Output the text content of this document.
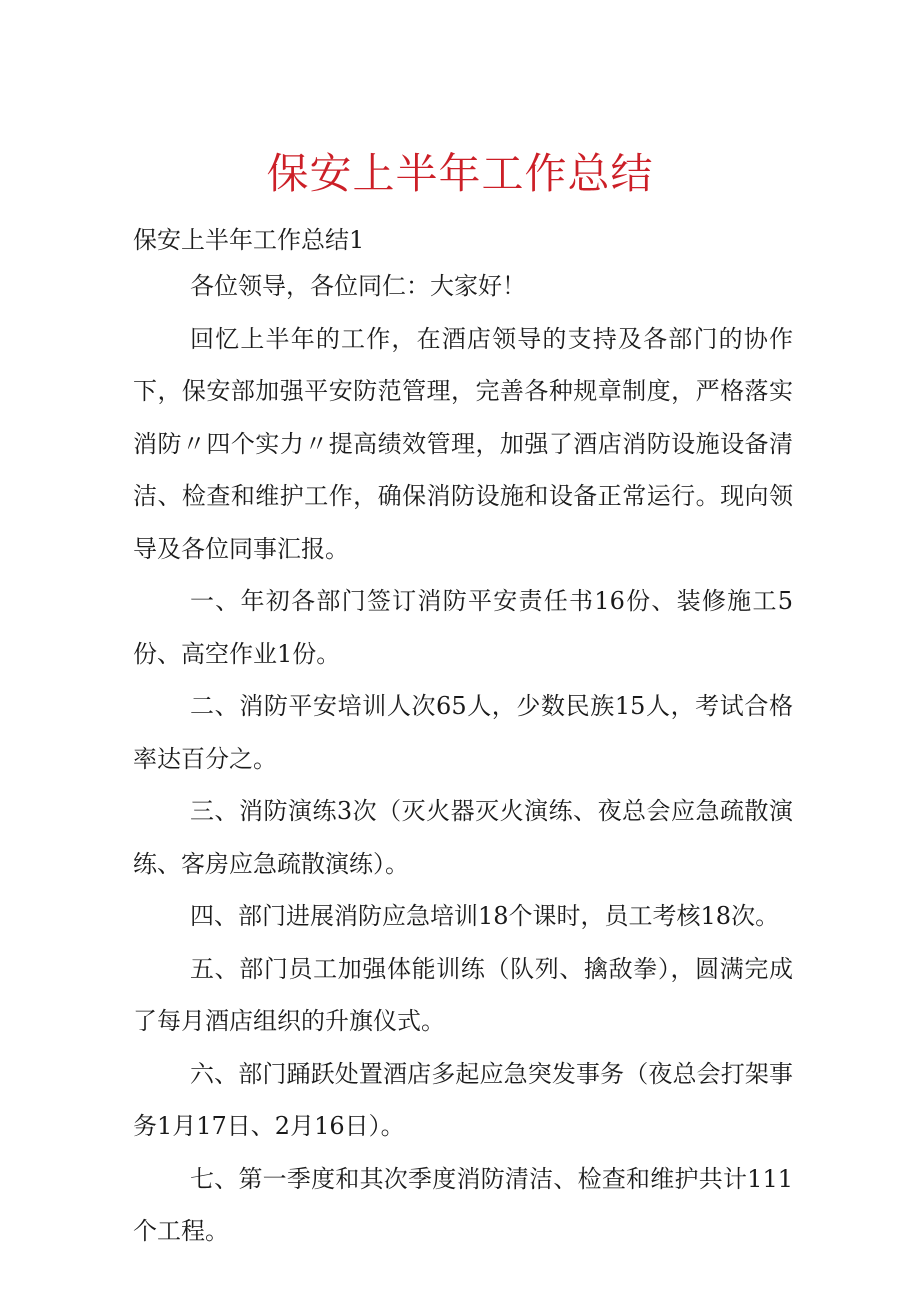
保安上半年工作总结
保安上半年工作总结1

各位领导，各位同仁：大家好！

回忆上半年的工作，在酒店领导的支持及各部门的协作下，保安部加强平安防范管理，完善各种规章制度，严格落实消防〃四个实力〃提高绩效管理，加强了酒店消防设施设备清洁、检查和维护工作，确保消防设施和设备正常运行。现向领导及各位同事汇报。

一、年初各部门签订消防平安责任书16份、装修施工5份、高空作业1份。

二、消防平安培训人次65人，少数民族15人，考试合格率达百分之。

三、消防演练3次（灭火器灭火演练、夜总会应急疏散演练、客房应急疏散演练）。

四、部门进展消防应急培训18个课时，员工考核18次。

五、部门员工加强体能训练（队列、擒敌拳），圆满完成了每月酒店组织的升旗仪式。

六、部门踊跃处置酒店多起应急突发事务（夜总会打架事务1月17日、2月16日）。

七、第一季度和其次季度消防清洁、检查和维护共计111个工程。
